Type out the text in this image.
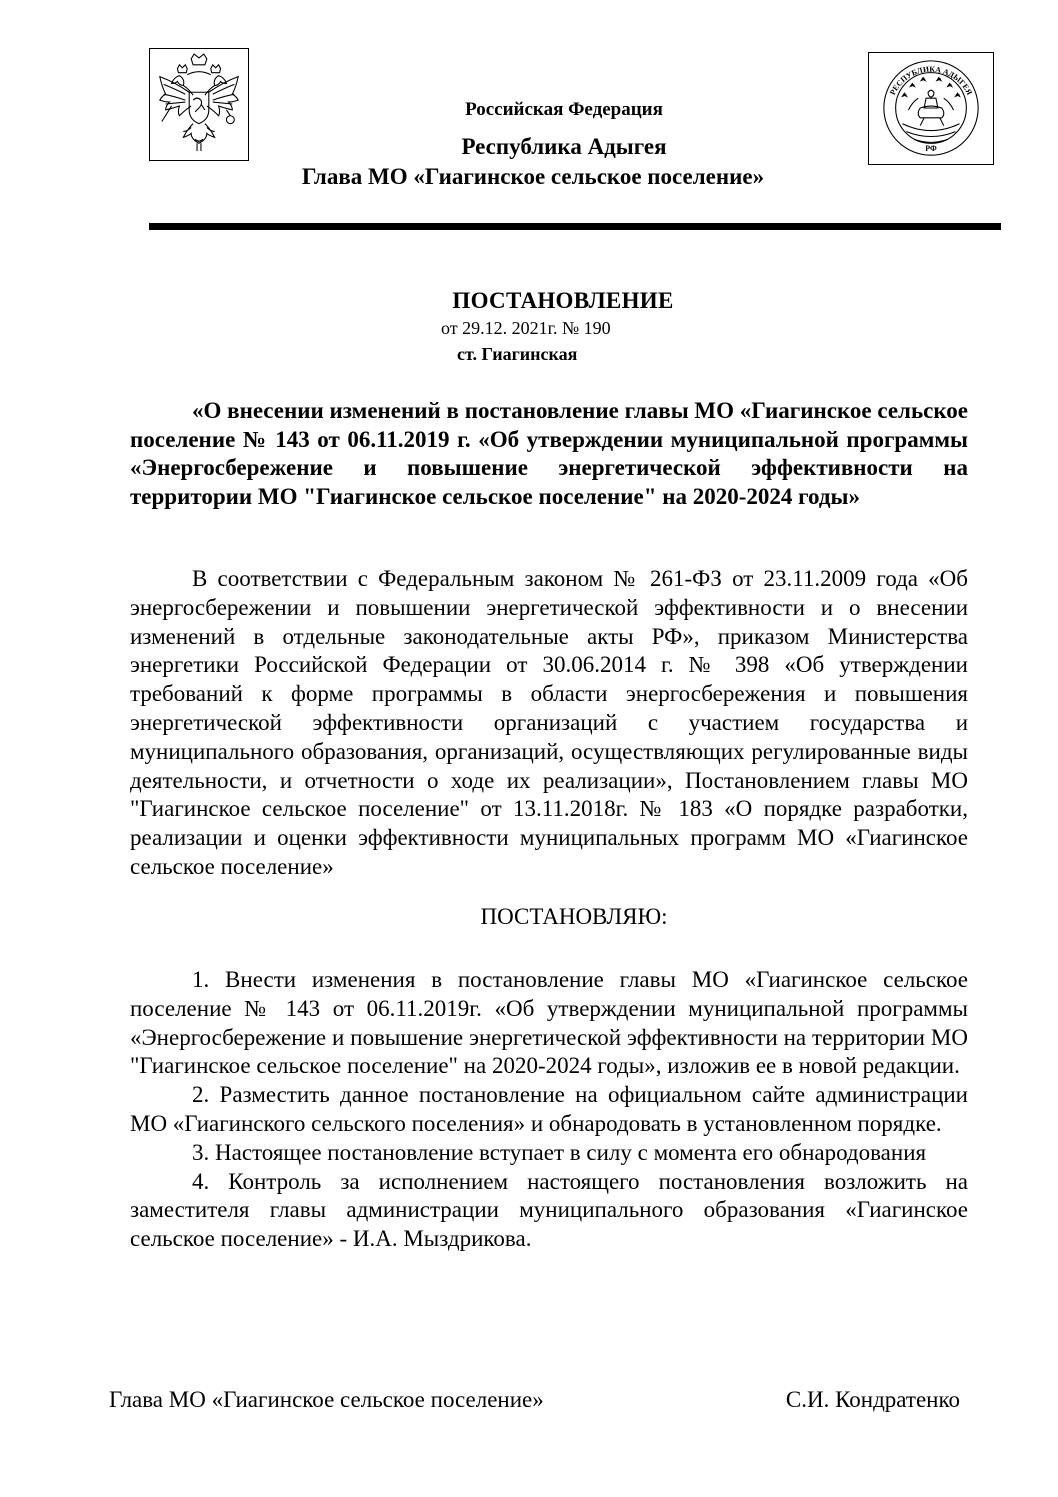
РЕСПУБЛИКА АДЫГЕЯ
РФ
Российская Федерация
Республика Адыгея
Глава МО «Гиагинское сельское поселение»
ПОСТАНОВЛЕНИЕ
от 29.12. 2021г. № 190
ст. Гиагинская

«О внесении изменений в постановление главы МО «Гиагинское сельское поселение № 143 от 06.11.2019 г. «Об утверждении муниципальной программы «Энергосбережение и повышение энергетической эффективности на территории МО "Гиагинское сельское поселение" на 2020-2024 годы»

В соответствии с Федеральным законом № 261-ФЗ от 23.11.2009 года «Об энергосбережении и повышении энергетической эффективности и о внесении изменений в отдельные законодательные акты РФ», приказом Министерства энергетики Российской Федерации от 30.06.2014 г. № 398 «Об утверждении требований к форме программы в области энергосбережения и повышения энергетической эффективности организаций с участием государства и муниципального образования, организаций, осуществляющих регулированные виды деятельности, и отчетности о ходе их реализации», Постановлением главы МО "Гиагинское сельское поселение" от 13.11.2018г. № 183 «О порядке разработки, реализации и оценки эффективности муниципальных программ МО «Гиагинское сельское поселение»

ПОСТАНОВЛЯЮ:

1. Внести изменения в постановление главы МО «Гиагинское сельское поселение № 143 от 06.11.2019г. «Об утверждении муниципальной программы «Энергосбережение и повышение энергетической эффективности на территории МО "Гиагинское сельское поселение" на 2020-2024 годы», изложив ее в новой редакции.

2. Разместить данное постановление на официальном сайте администрации МО «Гиагинского сельского поселения» и обнародовать в установленном порядке.

3. Настоящее постановление вступает в силу с момента его обнародования

4. Контроль за исполнением настоящего постановления возложить на заместителя главы администрации муниципального образования «Гиагинское сельское поселение» - И.А. Мыздрикова.

Глава МО «Гиагинское сельское поселение»	С.И. Кондратенко
